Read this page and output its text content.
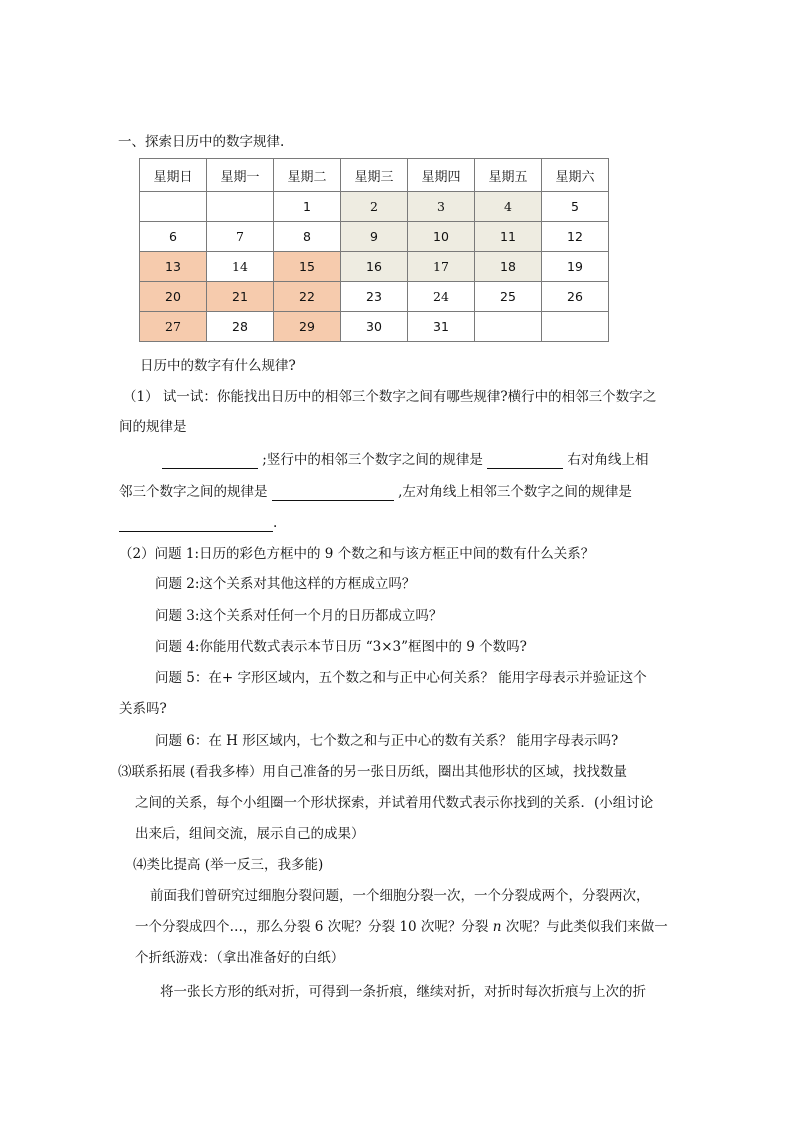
一、探索日历中的数字规律.
星期日	星期一	星期二	星期三	星期四	星期五	星期六
		1	2	3	4	5
6	7	8	9	10	11	12
13	14	15	16	17	18	19
20	21	22	23	24	25	26
27	28	29	30	31		
日历中的数字有什么规律?
（1） 试一试：你能找出日历中的相邻三个数字之间有哪些规律?横行中的相邻三个数字之
间的规律是
;竖行中的相邻三个数字之间的规律是	右对角线上相
邻三个数字之间的规律是	,左对角线上相邻三个数字之间的规律是
.
（2）问题 1:日历的彩色方框中的 9 个数之和与该方框正中间的数有什么关系？
问题 2:这个关系对其他这样的方框成立吗？
问题 3:这个关系对任何一个月的日历都成立吗？
问题 4:你能用代数式表示本节日历 “3×3”框图中的 9 个数吗?
问题 5：在+ 字形区域内，五个数之和与正中心何关系？ 能用字母表示并验证这个
关系吗?
问题 6：在 H 形区域内，七个数之和与正中心的数有关系？ 能用字母表示吗?
⑶联系拓展 (看我多棒）用自己准备的另一张日历纸，圈出其他形状的区域，找找数量
之间的关系，每个小组圈一个形状探索，并试着用代数式表示你找到的关系．(小组讨论
出来后，组间交流，展示自己的成果）
⑷类比提高 (举一反三，我多能)
前面我们曾研究过细胞分裂问题，一个细胞分裂一次，一个分裂成两个，分裂两次，
一个分裂成四个…，那么分裂 6 次呢？分裂 10 次呢？分裂 n 次呢？与此类似我们来做一
个折纸游戏：（拿出准备好的白纸）
将一张长方形的纸对折，可得到一条折痕，继续对折，对折时每次折痕与上次的折
